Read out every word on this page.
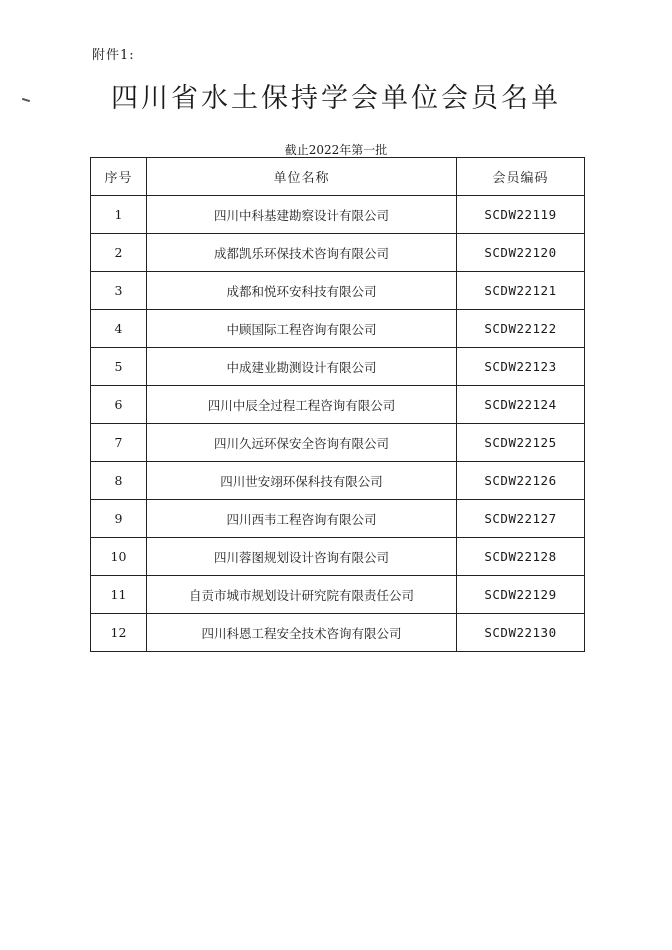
附件1:
四川省水土保持学会单位会员名单
截止2022年第一批
序号	单位名称	会员编码
1	四川中科基建勘察设计有限公司	SCDW22119
2	成都凯乐环保技术咨询有限公司	SCDW22120
3	成都和悦环安科技有限公司	SCDW22121
4	中顾国际工程咨询有限公司	SCDW22122
5	中成建业勘测设计有限公司	SCDW22123
6	四川中辰全过程工程咨询有限公司	SCDW22124
7	四川久远环保安全咨询有限公司	SCDW22125
8	四川世安翊环保科技有限公司	SCDW22126
9	四川西韦工程咨询有限公司	SCDW22127
10	四川蓉图规划设计咨询有限公司	SCDW22128
11	自贡市城市规划设计研究院有限责任公司	SCDW22129
12	四川科恩工程安全技术咨询有限公司	SCDW22130
